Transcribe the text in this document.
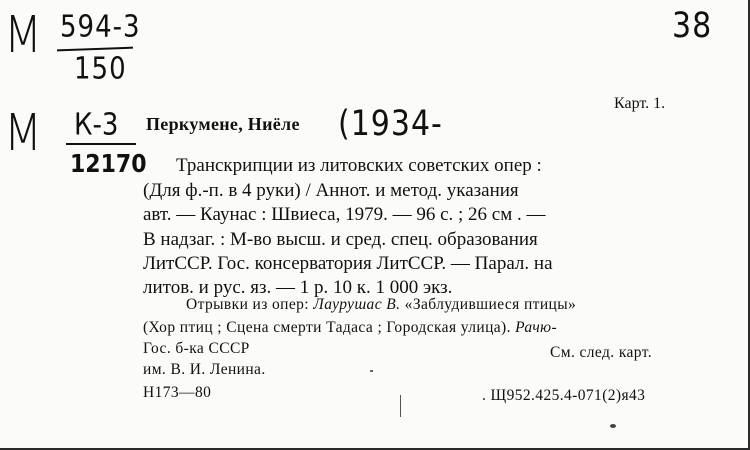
М 594-3
150
38
М К-3
12170
(1934-
Перкумене, Ниёле
Карт. 1.
Транскрипции из литовских советских опер :
(Для ф.-п. в 4 руки) / Аннот. и метод. указания
авт. — Каунас : Швиеса, 1979. — 96 с. ; 26 см . —
В надзаг. : М-во высш. и сред. спец. образования
ЛитССР. Гос. консерватория ЛитССР. — Парал. на
литов. и рус. яз. — 1 р. 10 к. 1 000 экз.
Отрывки из опер: Лаурушас В. «Заблудившиеся птицы»
(Хор птиц ; Сцена смерти Тадаса ; Городская улица). Рачю-
Гос. б-ка СССР
им. В. И. Ленина.
См. след. карт.
Н173—80	. Щ952.425.4-071(2)я43
